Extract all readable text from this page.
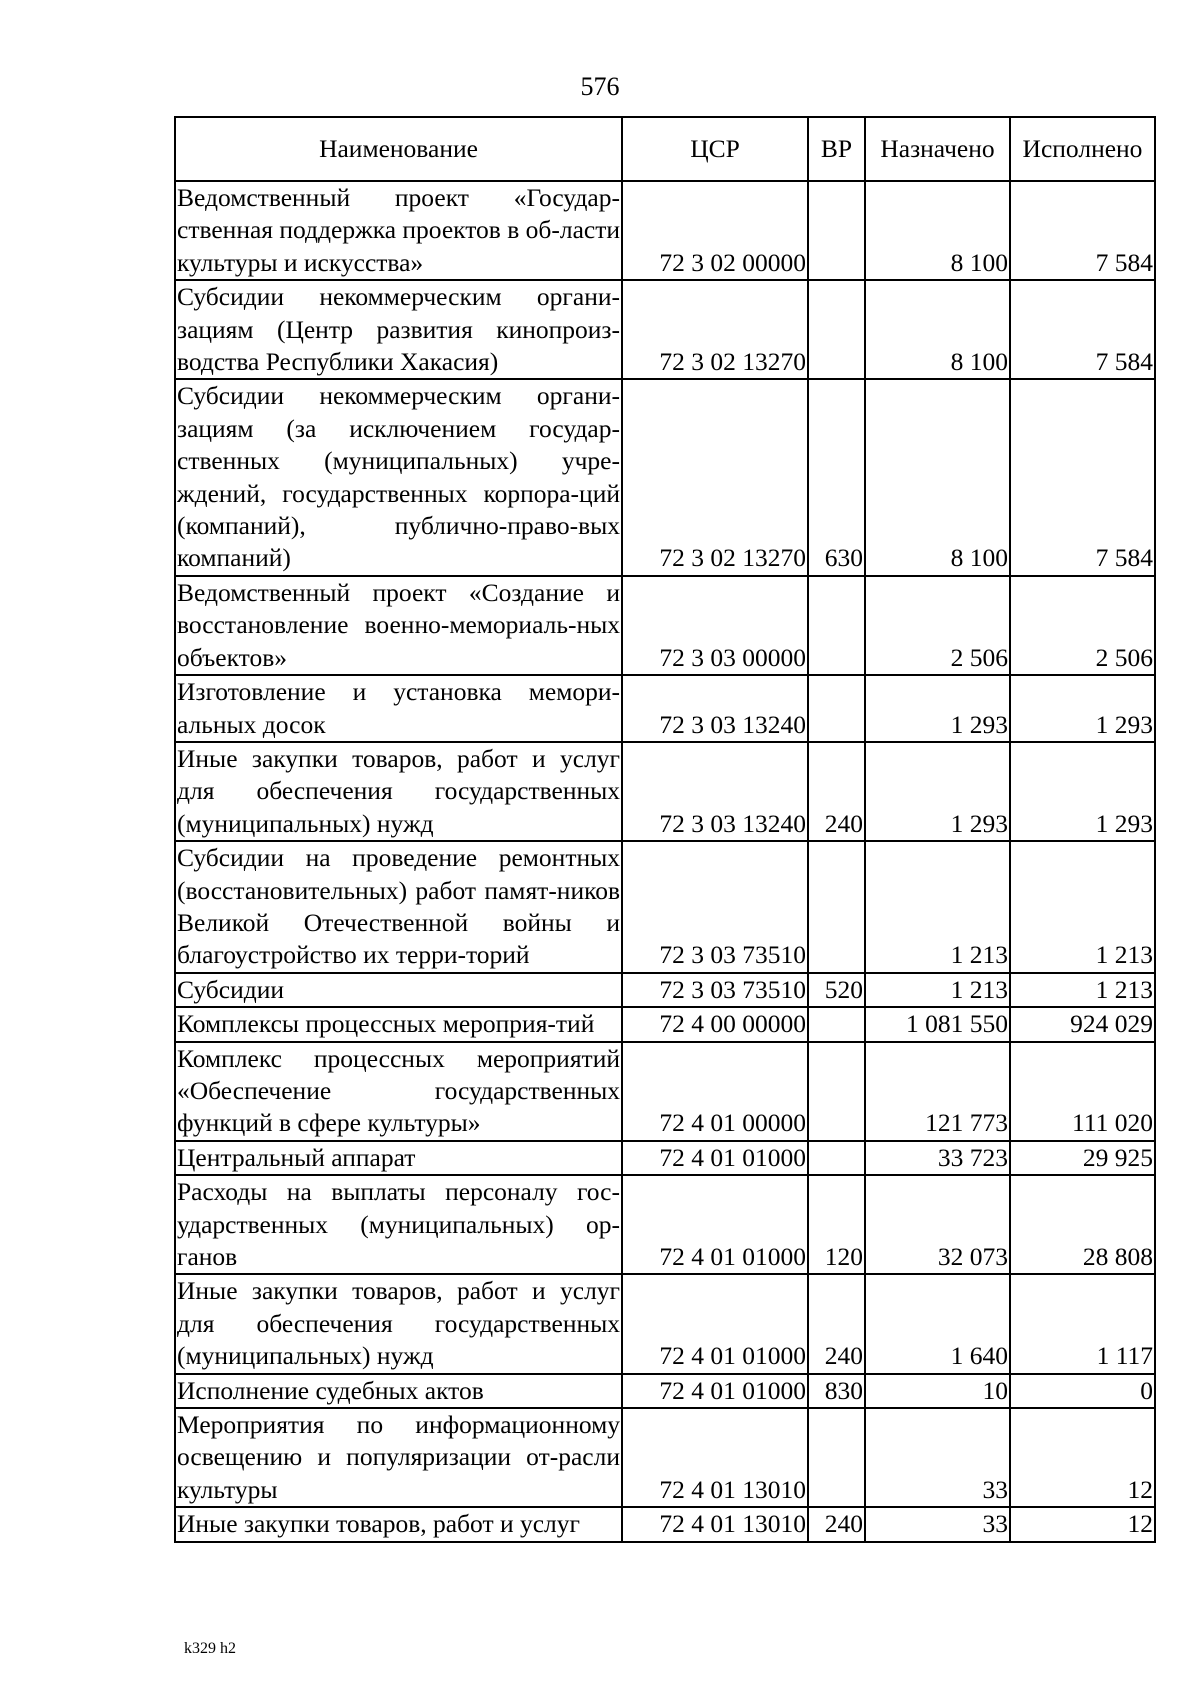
576
Наименование	ЦСР	ВР	Назначено	Исполнено
Ведомственный проект «Государ-ственная поддержка проектов в об-ласти культуры и искусства»	72 3 02 00000		8 100	7 584
Субсидии некоммерческим органи-зациям (Центр развития кинопроиз-водства Республики Хакасия)	72 3 02 13270		8 100	7 584
Субсидии некоммерческим органи-зациям (за исключением государ-ственных (муниципальных) учре-ждений, государственных корпора-ций (компаний), публично-право-вых компаний)	72 3 02 13270	630	8 100	7 584
Ведомственный проект «Создание и восстановление военно-мемориаль-ных объектов»	72 3 03 00000		2 506	2 506
Изготовление и установка мемори-альных досок	72 3 03 13240		1 293	1 293
Иные закупки товаров, работ и услуг для обеспечения государственных (муниципальных) нужд	72 3 03 13240	240	1 293	1 293
Субсидии на проведение ремонтных (восстановительных) работ памят-ников Великой Отечественной войны и благоустройство их терри-торий	72 3 03 73510		1 213	1 213
Субсидии	72 3 03 73510	520	1 213	1 213
Комплексы процессных мероприя-тий	72 4 00 00000		1 081 550	924 029
Комплекс процессных мероприятий «Обеспечение государственных функций в сфере культуры»	72 4 01 00000		121 773	111 020
Центральный аппарат	72 4 01 01000		33 723	29 925
Расходы на выплаты персоналу гос-ударственных (муниципальных) ор-ганов	72 4 01 01000	120	32 073	28 808
Иные закупки товаров, работ и услуг для обеспечения государственных (муниципальных) нужд	72 4 01 01000	240	1 640	1 117
Исполнение судебных актов	72 4 01 01000	830	10	0
Мероприятия по информационному освещению и популяризации от-расли культуры	72 4 01 13010		33	12
Иные закупки товаров, работ и услуг	72 4 01 13010	240	33	12
k329 h2
